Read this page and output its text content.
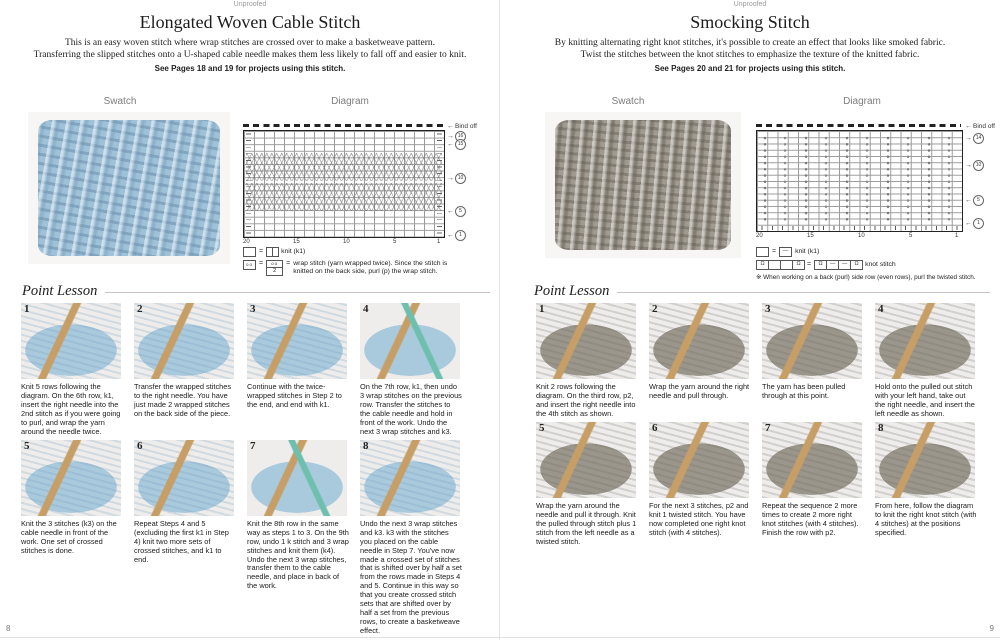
Unproofed
Elongated Woven Cable Stitch
This is an easy woven stitch where wrap stitches are crossed over to make a basketweave pattern.
Transferring the slipped stitches onto a U-shaped cable needle makes them less likely to fall off and easier to knit.
See Pages 18 and 19 for projects using this stitch.
Swatch	Diagram
← Bind off
→ 16
← 15
→ 10
←	5
←	1
20	15	10	5	1
=	knit (k1)
oo =	oo
2
= wrap stitch (yarn wrapped twice). Since the stitch is knitted on the back side, purl (p) the wrap stitch.
Point Lesson
1
Knit 5 rows following the diagram. On the 6th row, k1, insert the right needle into the 2nd stitch as if you were going to purl, and wrap the yarn around the needle twice.
2
Transfer the wrapped stitches to the right needle. You have just made 2 wrapped stitches on the back side of the piece.
3
Continue with the twice-wrapped stitches in Step 2 to the end, and end with k1.
4
On the 7th row, k1, then undo 3 wrap stitches on the previous row. Transfer the stitches to the cable needle and hold in front of the work. Undo the next 3 wrap stitches and k3.
5
Knit the 3 stitches (k3) on the cable needle in front of the work. One set of crossed stitches is done.
6
Repeat Steps 4 and 5 (excluding the first k1 in Step 4) knit two more sets of crossed stitches, and k1 to end.
7
Knit the 8th row in the same way as steps 1 to 3. On the 9th row, undo 1 k stitch and 3 wrap stitches and knit them (k4). Undo the next 3 wrap stitches, transfer them to the cable needle, and place in back of the work.
8
Undo the next 3 wrap stitches and k3. k3 with the stitches you placed on the cable needle in Step 7. You've now made a crossed set of stitches that is shifted over by half a set from the rows made in Steps 4 and 5. Continue in this way so that you create crossed stitch sets that are shifted over by half a set from the previous rows, to create a basketweave effect.
8
Unproofed
Smocking Stitch
By knitting alternating right knot stitches, it's possible to create an effect that looks like smoked fabric.
Twist the stitches between the knot stitches to emphasize the texture of the knitted fabric.
See Pages 20 and 21 for projects using this stitch.
Swatch	Diagram
← Bind off
→ 14
→ 10
←	5
←	1
20	15	10	5	1
=	— knit (k1)
Ω	Ω =	Ω	—	—	Ω knot stitch
※ When working on a back (purl) side row (even rows), purl the twisted stitch.
Point Lesson
1
Knit 2 rows following the diagram. On the third row, p2, and insert the right needle into the 4th stitch as shown.
2
Wrap the yarn around the right needle and pull through.
3
The yarn has been pulled through at this point.
4
Hold onto the pulled out stitch with your left hand, take out the right needle, and insert the left needle as shown.
5
Wrap the yarn around the needle and pull it through. Knit the pulled through stitch plus 1 stitch from the left needle as a twisted stitch.
6
For the next 3 stitches, p2 and knit 1 twisted stitch. You have now completed one right knot stitch (with 4 stitches).
7
Repeat the sequence 2 more times to create 2 more right knot stitches (with 4 stitches). Finish the row with p2.
8
From here, follow the diagram to knit the right knot stitch (with 4 stitches) at the positions specified.
9
